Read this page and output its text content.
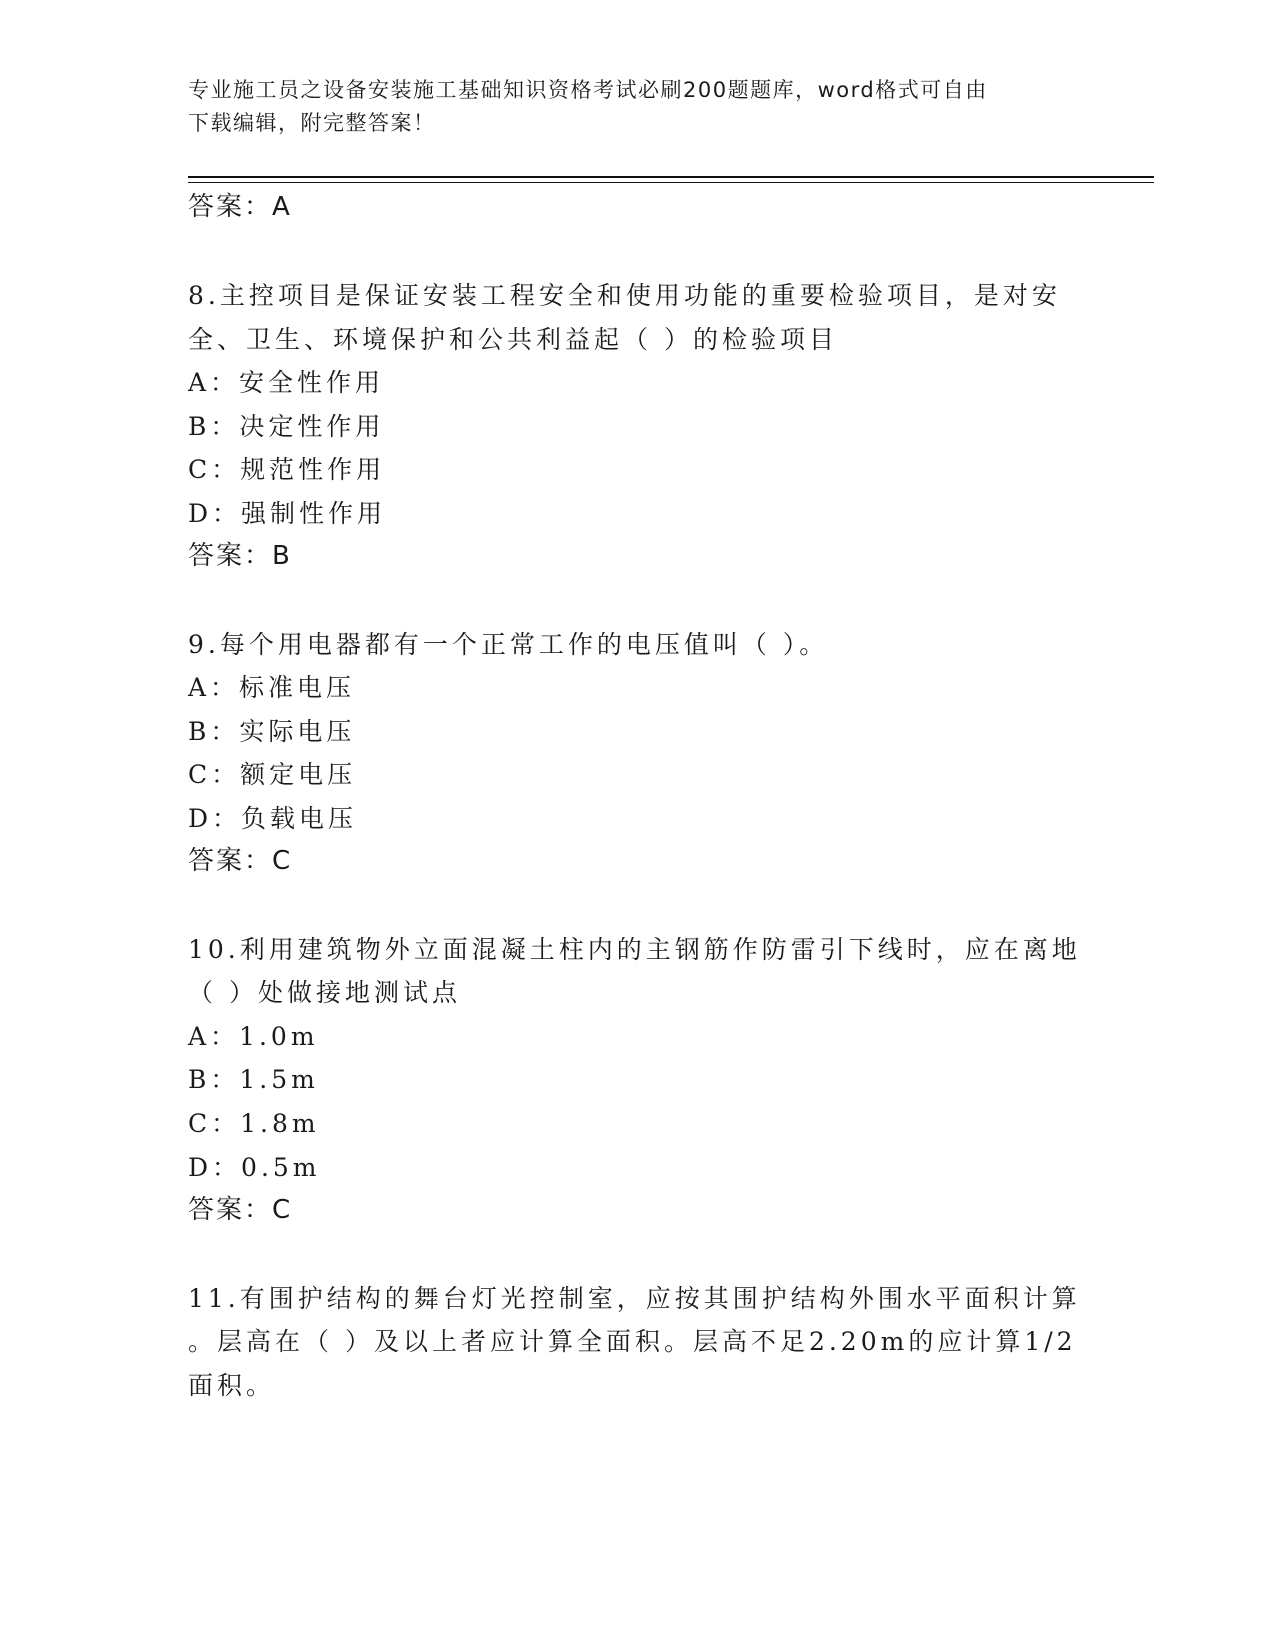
专业施工员之设备安装施工基础知识资格考试必刷200题题库，word格式可自由
下载编辑，附完整答案！
答案：A
8.主控项目是保证安装工程安全和使用功能的重要检验项目，是对安
全、卫生、环境保护和公共利益起（ ）的检验项目
A：安全性作用
B：决定性作用
C：规范性作用
D：强制性作用
答案：B
9.每个用电器都有一个正常工作的电压值叫（ ）。
A：标准电压
B：实际电压
C：额定电压
D：负载电压
答案：C
10.利用建筑物外立面混凝土柱内的主钢筋作防雷引下线时，应在离地
（ ）处做接地测试点
A：1.0m
B：1.5m
C：1.8m
D：0.5m
答案：C
11.有围护结构的舞台灯光控制室，应按其围护结构外围水平面积计算
。层高在（ ）及以上者应计算全面积。层高不足2.20m的应计算1/2
面积。
